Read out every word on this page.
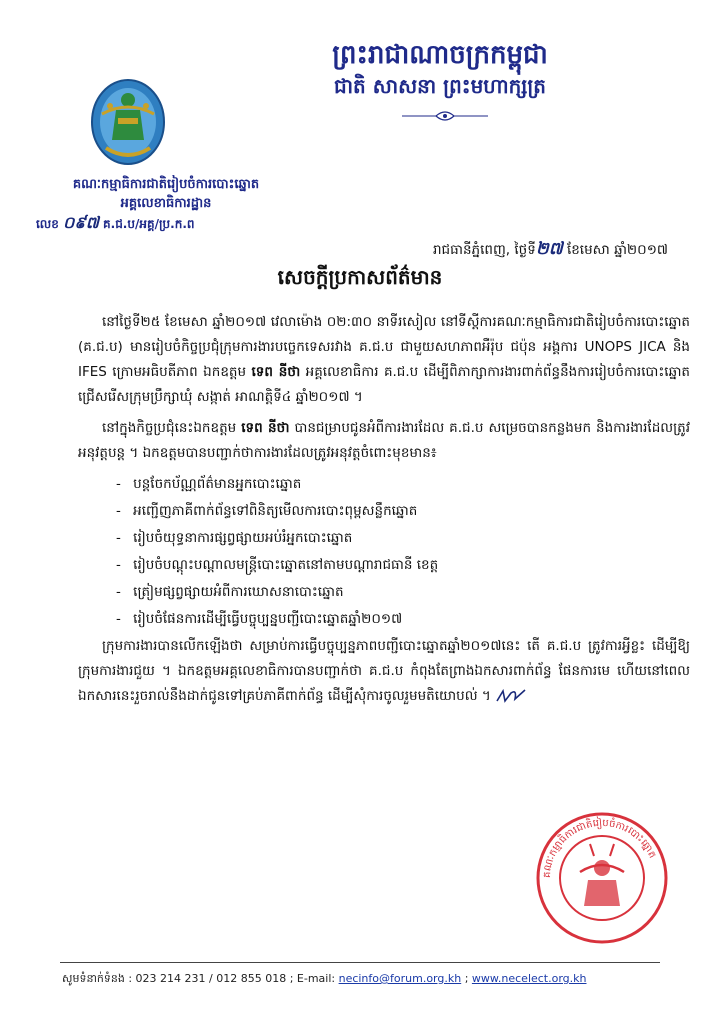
ព្រះរាជាណាចក្រកម្ពុជា
ជាតិ សាសនា ព្រះមហាក្សត្រ
គណៈកម្មាធិការជាតិរៀបចំការបោះឆ្នោត
អគ្គលេខាធិការដ្ឋាន
លេខ ០៩៧ គ.ជ.ប/អគ្គ/ប្រ.ក.ព
រាជធានីភ្នំពេញ, ថ្ងៃទី២៧ ខែមេសា ឆ្នាំ២០១៧
សេចក្តីប្រកាសព័ត៌មាន

នៅថ្ងៃទី២៥ ខែមេសា ឆ្នាំ២០១៧ វេលាម៉ោង ០២:៣០ នាទីរសៀល នៅទីស្តីការគណៈកម្មាធិការជាតិរៀបចំការបោះឆ្នោត (គ.ជ.ប) មានរៀបចំកិច្ចប្រជុំក្រុមការងារបច្ចេកទេសរវាង គ.ជ.ប ជាមួយសហភាពអឺរ៉ុប ជប៉ុន អង្គការ UNOPS JICA និង IFES ក្រោមអធិបតីភាព ឯកឧត្តម ទេព នីថា អគ្គលេខាធិការ គ.ជ.ប ដើម្បីពិភាក្សាការងារពាក់ព័ន្ធនឹងការរៀបចំការបោះឆ្នោតជ្រើសរើសក្រុមប្រឹក្សាឃុំ សង្កាត់ អាណត្តិទី៤ ឆ្នាំ២០១៧ ។

នៅក្នុងកិច្ចប្រជុំនេះឯកឧត្តម ទេព នីថា បានជម្រាបជូនអំពីការងារដែល គ.ជ.ប សម្រេចបានកន្លងមក និងការងារដែលត្រូវអនុវត្តបន្ត ។ ឯកឧត្តមបានបញ្ជាក់ថាការងារដែលត្រូវអនុវត្តចំពោះមុខមាន៖

- បន្តចែកប័ណ្ណព័ត៌មានអ្នកបោះឆ្នោត
- អញ្ជើញភាគីពាក់ព័ន្ធទៅពិនិត្យមើលការបោះពុម្ពសន្លឹកឆ្នោត
- រៀបចំយុទ្ធនាការផ្សព្វផ្សាយអប់រំអ្នកបោះឆ្នោត
- រៀបចំបណ្តុះបណ្តាលមន្ត្រីបោះឆ្នោតនៅតាមបណ្តារាជធានី ខេត្ត
- ត្រៀមផ្សព្វផ្សាយអំពីការឃោសនាបោះឆ្នោត
- រៀបចំផែនការដើម្បីធ្វើបច្ចុប្បន្នបញ្ជីបោះឆ្នោតឆ្នាំ២០១៧

ក្រុមការងារបានលើកឡើងថា សម្រាប់ការធ្វើបច្ចុប្បន្នភាពបញ្ជីបោះឆ្នោតឆ្នាំ២០១៧នេះ តើ គ.ជ.ប ត្រូវការអ្វីខ្លះ ដើម្បីឱ្យក្រុមការងារជួយ ។ ឯកឧត្តមអគ្គលេខាធិការបានបញ្ជាក់ថា គ.ជ.ប កំពុងតែព្រាងឯកសារពាក់ព័ន្ធ ផែនការមេ ហើយនៅពេលឯកសារនេះរួចរាល់នឹងដាក់ជូនទៅគ្រប់ភាគីពាក់ព័ន្ធ ដើម្បីសុំការចូលរួមមតិយោបល់ ។

គណៈកម្មាធិការជាតិរៀបចំការបោះឆ្នោត
សូមទំនាក់ទំនង : 023 214 231 / 012 855 018 ; E-mail: necinfo@forum.org.kh ; www.necelect.org.kh
